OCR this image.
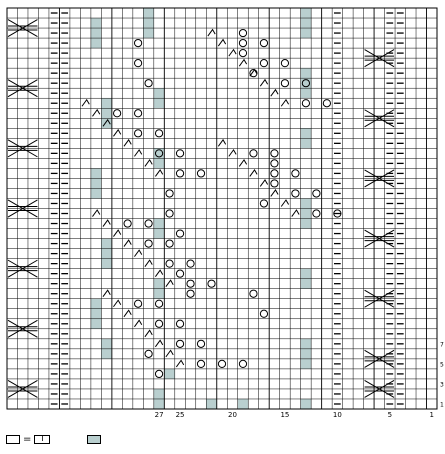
27 25	20	15	10	5	1
7
5
3
1
= I
